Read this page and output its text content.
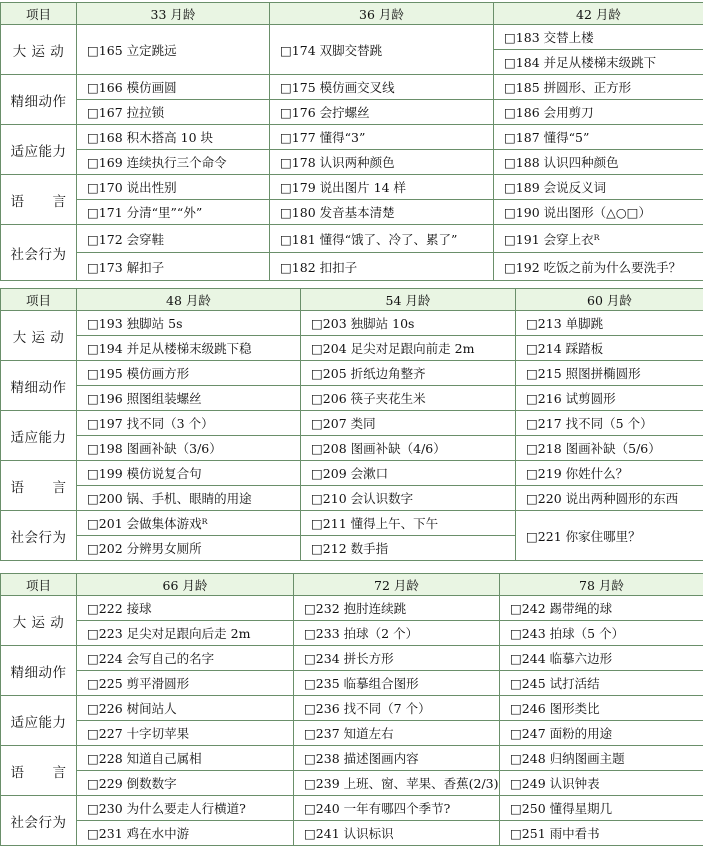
项目	33 月龄	36 月龄	42 月龄
大 运 动	□165 立定跳远	□174 双脚交替跳	□183 交替上楼
			□184 并足从楼梯末级跳下
精细动作	□166 模仿画圆	□175 模仿画交叉线	□185 拼圆形、正方形
	□167 拉拉锁	□176 会拧螺丝	□186 会用剪刀
适应能力	□168 积木搭高 10 块	□177 懂得“3”	□187 懂得“5”
	□169 连续执行三个命令	□178 认识两种颜色	□188 认识四种颜色
语　　言	□170 说出性别	□179 说出图片 14 样	□189 会说反义词
	□171 分清“里”“外”	□180 发音基本清楚	□190 说出图形（△○□）
社会行为	□172 会穿鞋	□181 懂得“饿了、冷了、累了”	□191 会穿上衣ᴿ
	□173 解扣子	□182 扣扣子	□192 吃饭之前为什么要洗手？
项目	48 月龄	54 月龄	60 月龄
大 运 动	□193 独脚站 5s	□203 独脚站 10s	□213 单脚跳
	□194 并足从楼梯末级跳下稳	□204 足尖对足跟向前走 2m	□214 踩踏板
精细动作	□195 模仿画方形	□205 折纸边角整齐	□215 照图拼椭圆形
	□196 照图组装螺丝	□206 筷子夹花生米	□216 试剪圆形
适应能力	□197 找不同（3 个）	□207 类同	□217 找不同（5 个）
	□198 图画补缺（3/6）	□208 图画补缺（4/6）	□218 图画补缺（5/6）
语　　言	□199 模仿说复合句	□209 会漱口	□219 你姓什么？
	□200 锅、手机、眼睛的用途	□210 会认识数字	□220 说出两种圆形的东西
社会行为	□201 会做集体游戏ᴿ	□211 懂得上午、下午	□221 你家住哪里？
	□202 分辨男女厕所	□212 数手指	
项目	66 月龄	72 月龄	78 月龄
大 运 动	□222 接球	□232 抱肘连续跳	□242 踢带绳的球
	□223 足尖对足跟向后走 2m	□233 拍球（2 个）	□243 拍球（5 个）
精细动作	□224 会写自己的名字	□234 拼长方形	□244 临摹六边形
	□225 剪平滑圆形	□235 临摹组合图形	□245 试打活结
适应能力	□226 树间站人	□236 找不同（7 个）	□246 图形类比
	□227 十字切苹果	□237 知道左右	□247 面粉的用途
语　　言	□228 知道自己属相	□238 描述图画内容	□248 归纳图画主题
	□229 倒数数字	□239 上班、窗、苹果、香蕉(2/3)	□249 认识钟表
社会行为	□230 为什么要走人行横道?	□240 一年有哪四个季节?	□250 懂得星期几
	□231 鸡在水中游	□241 认识标识	□251 雨中看书
